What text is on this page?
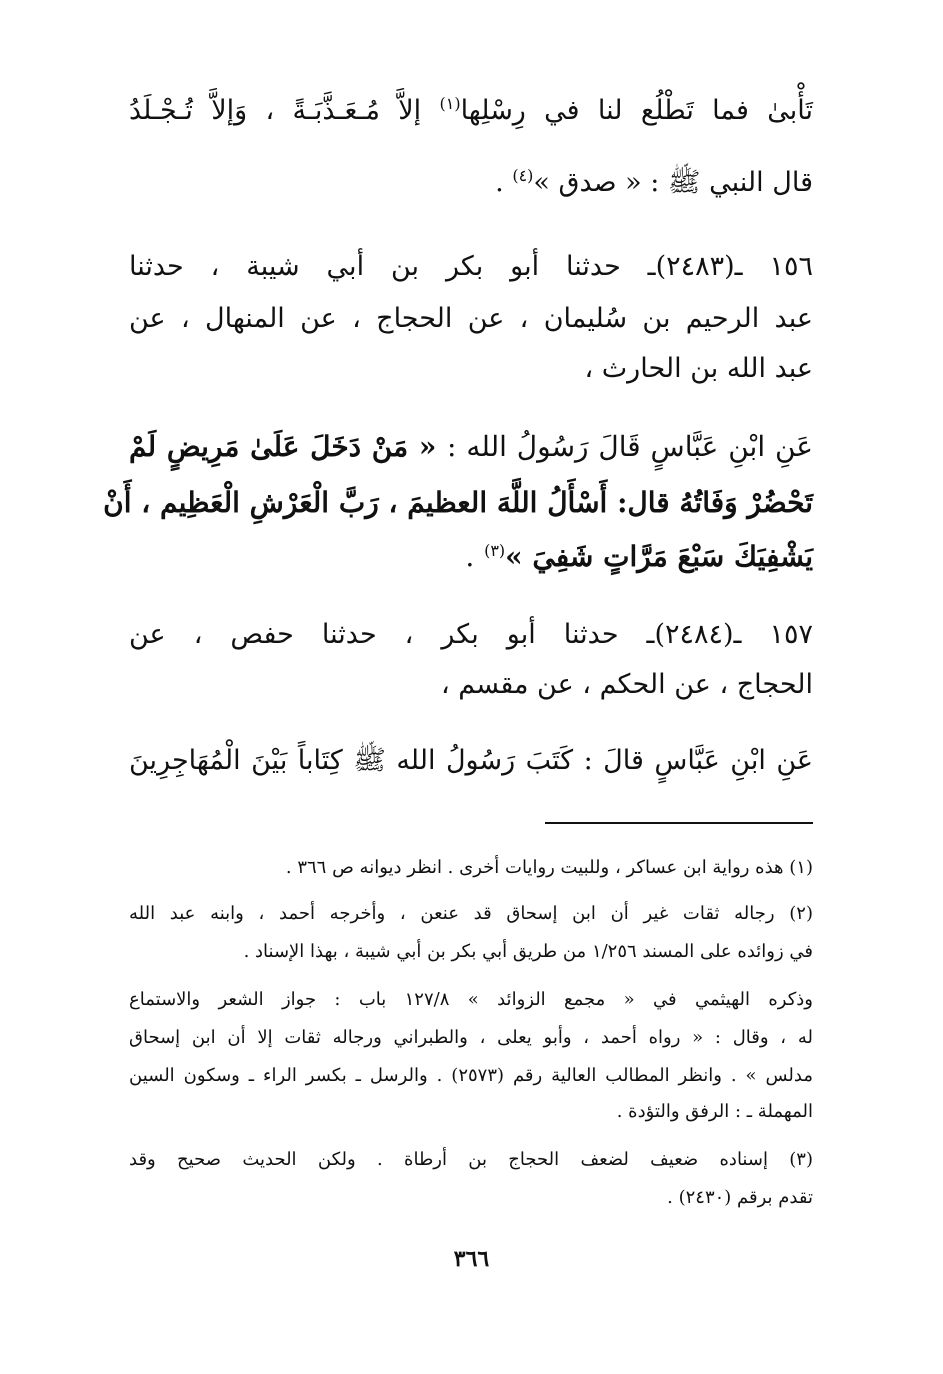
تَأْبىٰ فما تَطْلُع لنا في رِسْلِها$^{(١)}$ إلاَّ مُـعَـذَّبَـةً ، وَإلاَّ تُـجْـلَدُ
قال النبي ﷺ : « صدق »$^{(٤)}$ .
١٥٦ ـ(٢٤٨٣)ـ حدثنا أبو بكر بن أبي شيبة ، حدثنا
عبد الرحيم بن سُليمان ، عن الحجاج ، عن المنهال ، عن
عبد الله بن الحارث ،
عَنِ ابْنِ عَبَّاسٍ قَالَ رَسُولُ الله : « مَنْ دَخَلَ عَلَىٰ مَرِيضٍ لَمْ
تَحْضُرْ وَفَاتُهُ قال: أَسْأَلُ اللَّهَ العظيمَ ، رَبَّ الْعَرْشِ الْعَظِيم ، أَنْ
يَشْفِيَكَ سَبْعَ مَرَّاتٍ شَفِيَ »$^{(٣)}$ .
١٥٧ ـ(٢٤٨٤)ـ حدثنا أبو بكر ، حدثنا حفص ، عن
الحجاج ، عن الحكم ، عن مقسم ،
عَنِ ابْنِ عَبَّاسٍ قالَ : كَتَبَ رَسُولُ الله ﷺ كِتَاباً بَيْنَ الْمُهَاجِرِينَ
(١) هذه رواية ابن عساكر ، وللبيت روايات أخرى . انظر ديوانه ص ٣٦٦ .
(٢) رجاله ثقات غير أن ابن إسحاق قد عنعن ، وأخرجه أحمد ، وابنه عبد الله
في زوائده على المسند ١/٢٥٦ من طريق أبي بكر بن أبي شيبة ، بهذا الإسناد .
وذكره الهيثمي في « مجمع الزوائد » ١٢٧/٨ باب : جواز الشعر والاستماع
له ، وقال : « رواه أحمد ، وأبو يعلى ، والطبراني ورجاله ثقات إلا أن ابن إسحاق
مدلس » . وانظر المطالب العالية رقم (٢٥٧٣) . والرسل ـ بكسر الراء ـ وسكون السين
المهملة ـ : الرفق والتؤدة .
(٣) إسناده ضعيف لضعف الحجاج بن أرطاة . ولكن الحديث صحيح وقد
تقدم برقم (٢٤٣٠) .
٣٦٦
